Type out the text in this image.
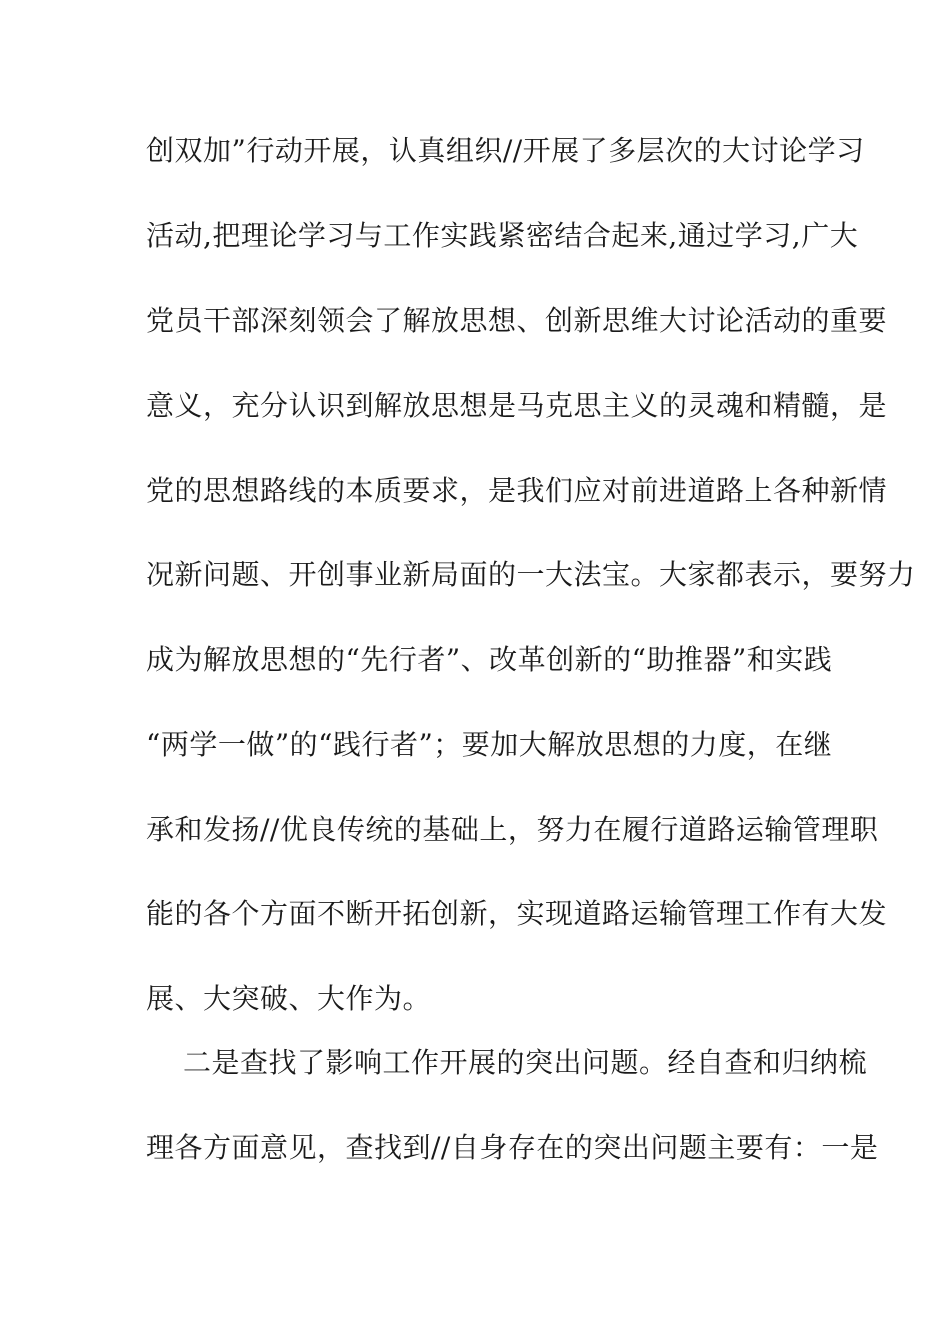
创双加”行动开展，认真组织//开展了多层次的大讨论学习
活动,把理论学习与工作实践紧密结合起来,通过学习,广大
党员干部深刻领会了解放思想、创新思维大讨论活动的重要
意义，充分认识到解放思想是马克思主义的灵魂和精髓，是
党的思想路线的本质要求，是我们应对前进道路上各种新情
况新问题、开创事业新局面的一大法宝。大家都表示，要努力
成为解放思想的“先行者”、改革创新的“助推器”和实践
“两学一做”的“践行者”；要加大解放思想的力度，在继
承和发扬//优良传统的基础上，努力在履行道路运输管理职
能的各个方面不断开拓创新，实现道路运输管理工作有大发
展、大突破、大作为。
二是查找了影响工作开展的突出问题。经自查和归纳梳
理各方面意见，查找到//自身存在的突出问题主要有：一是
